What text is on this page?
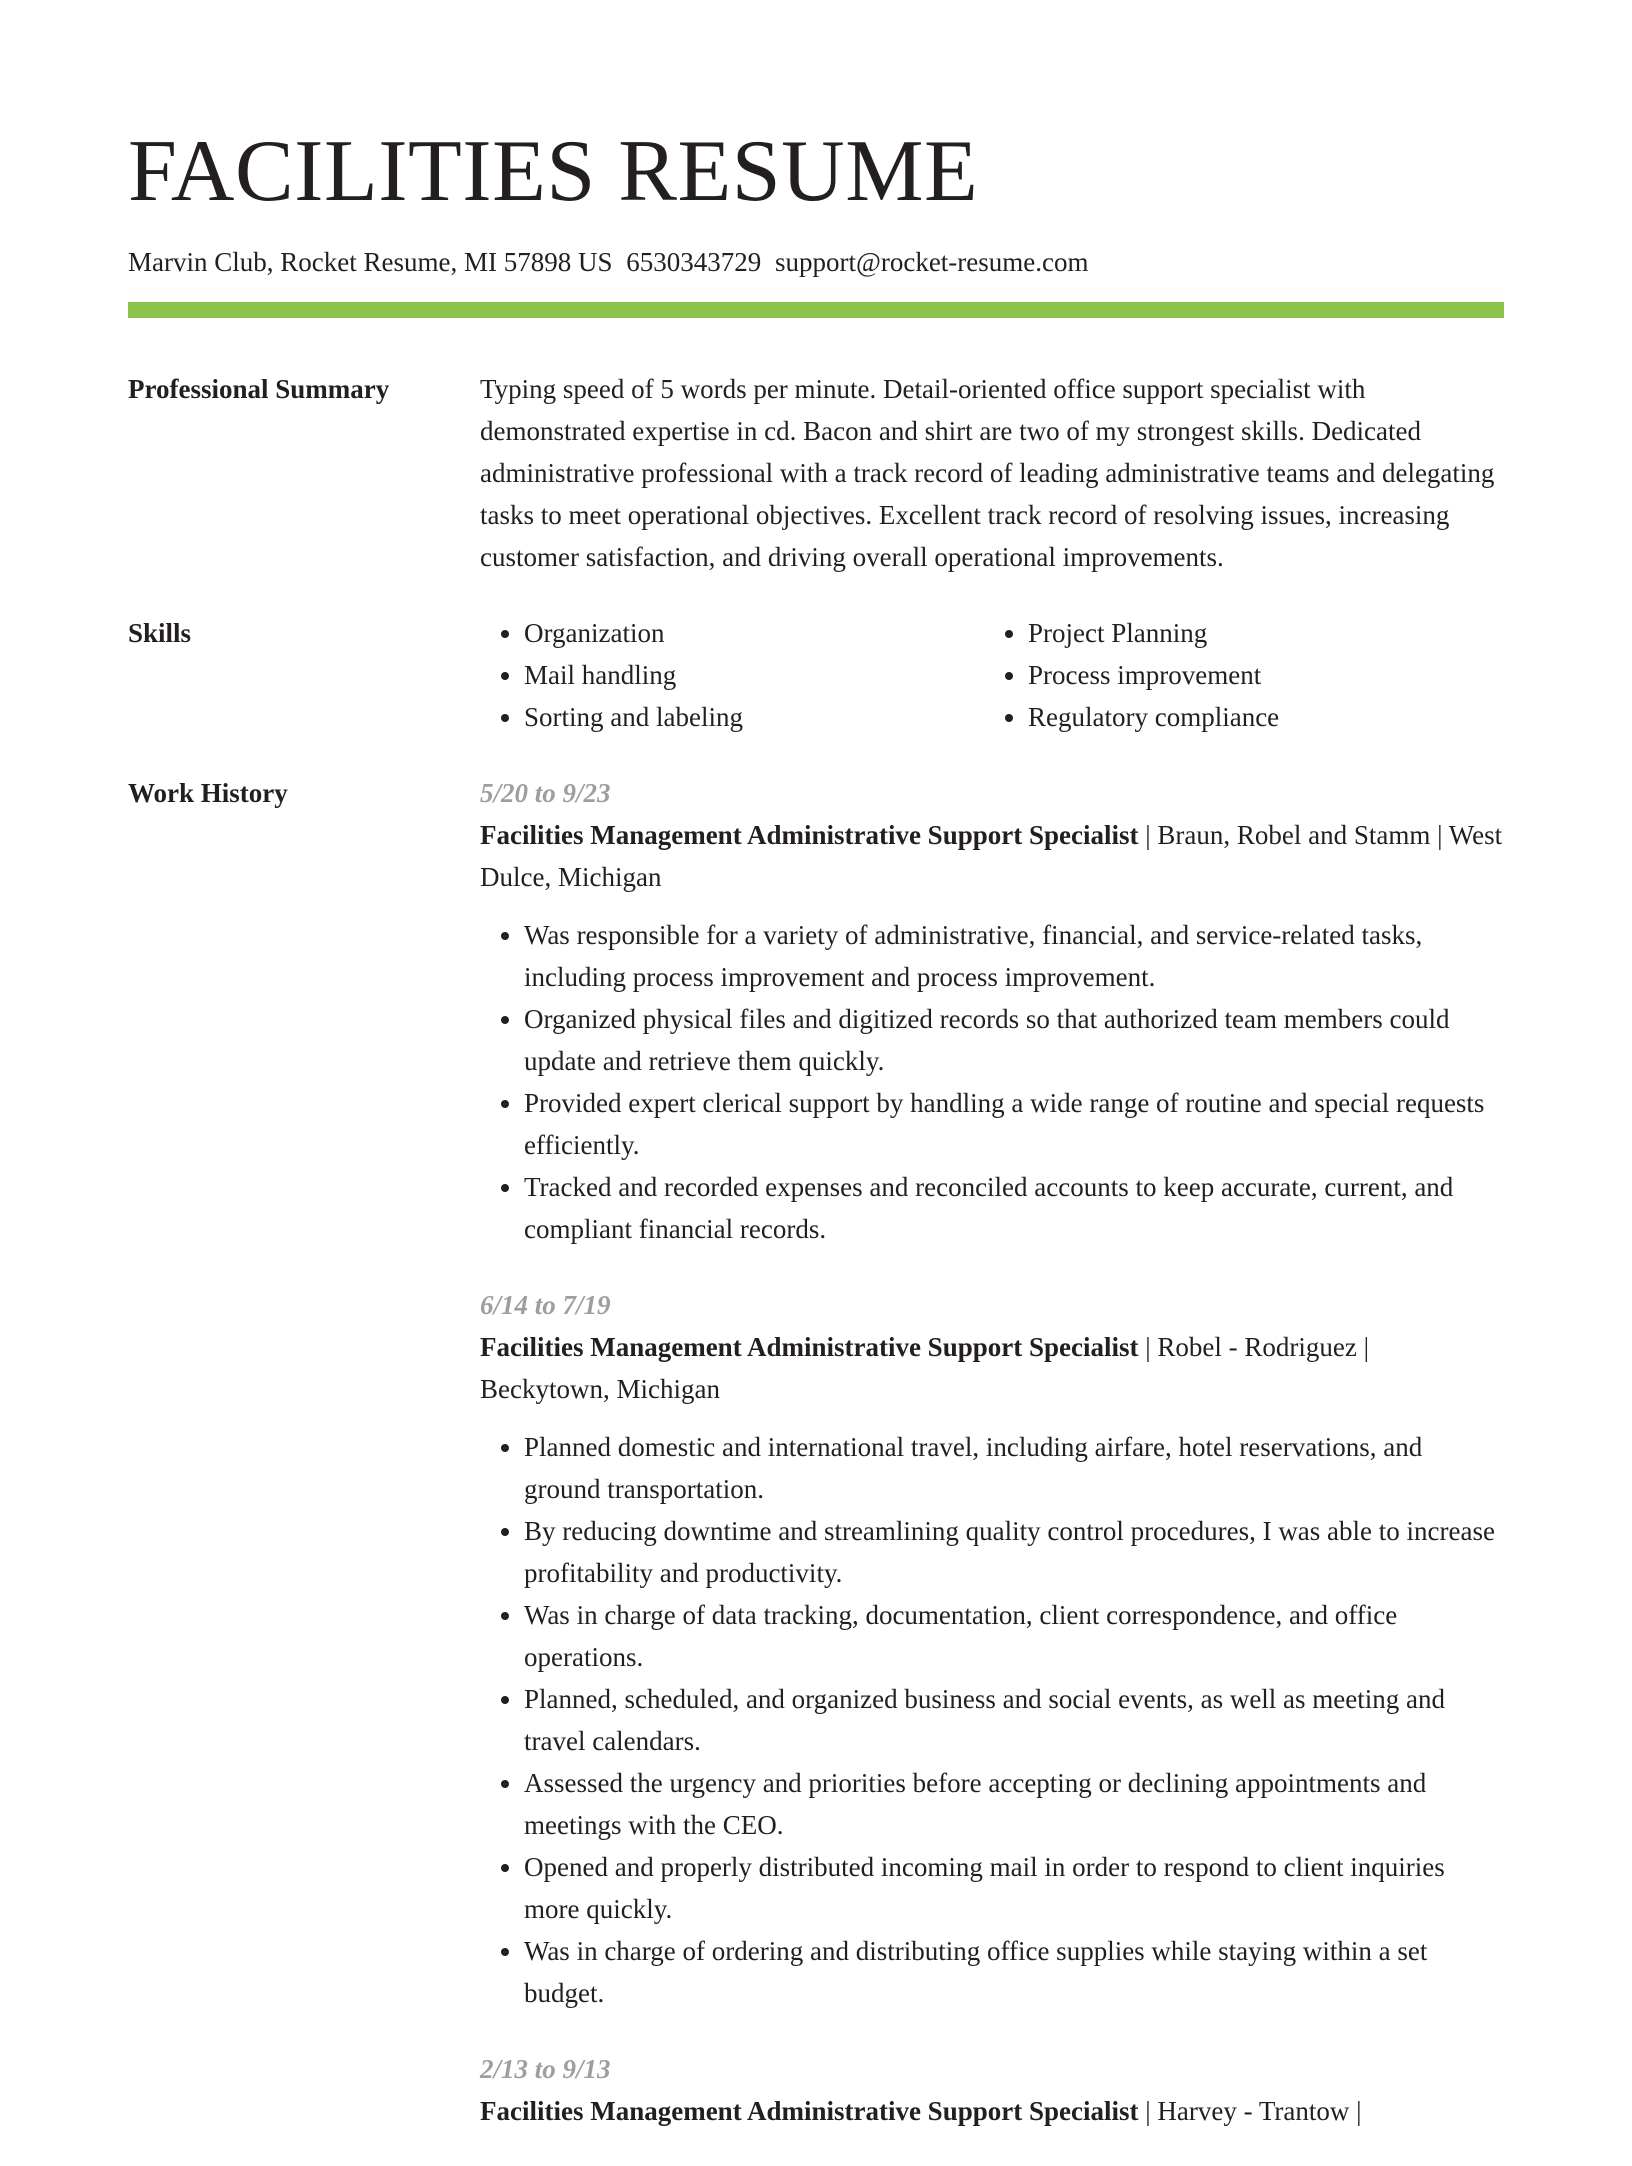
FACILITIES RESUME
Marvin Club, Rocket Resume, MI 57898 US 6530343729 support@rocket-resume.com
Professional Summary	Typing speed of 5 words per minute. Detail-oriented office support specialist with demonstrated expertise in cd. Bacon and shirt are two of my strongest skills. Dedicated administrative professional with a track record of leading administrative teams and delegating tasks to meet operational objectives. Excellent track record of resolving issues, increasing customer satisfaction, and driving overall operational improvements.
Skills
•	Organization
• Mail handling
• Sorting and labeling
• Project Planning
• Process improvement
• Regulatory compliance
Work History	5/20 to 9/23
Facilities Management Administrative Support Specialist | Braun, Robel and Stamm | West Dulce, Michigan
• Was responsible for a variety of administrative, financial, and service-related tasks, including process improvement and process improvement.
• Organized physical files and digitized records so that authorized team members could update and retrieve them quickly.
• Provided expert clerical support by handling a wide range of routine and special requests efficiently.
• Tracked and recorded expenses and reconciled accounts to keep accurate, current, and compliant financial records.
6/14 to 7/19
Facilities Management Administrative Support Specialist | Robel - Rodriguez | Beckytown, Michigan
• Planned domestic and international travel, including airfare, hotel reservations, and ground transportation.
• By reducing downtime and streamlining quality control procedures, I was able to increase profitability and productivity.
• Was in charge of data tracking, documentation, client correspondence, and office operations.
• Planned, scheduled, and organized business and social events, as well as meeting and travel calendars.
• Assessed the urgency and priorities before accepting or declining appointments and meetings with the CEO.
• Opened and properly distributed incoming mail in order to respond to client inquiries more quickly.
• Was in charge of ordering and distributing office supplies while staying within a set budget.
2/13 to 9/13
Facilities Management Administrative Support Specialist | Harvey - Trantow |
